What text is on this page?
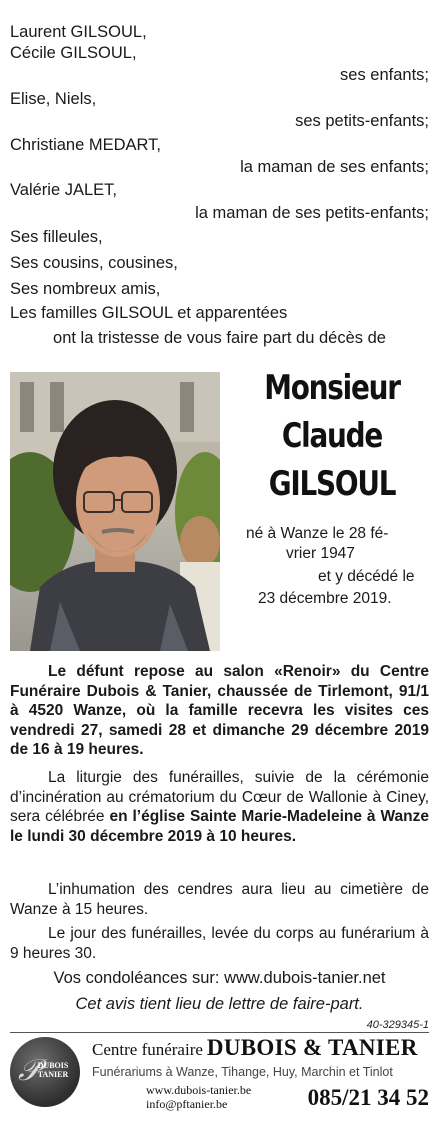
Laurent GILSOUL,
Cécile GILSOUL,
ses enfants;
Elise, Niels,
ses petits-enfants;
Christiane MEDART,
la maman de ses enfants;
Valérie JALET,
la maman de ses petits-enfants;
Ses filleules,
Ses cousins, cousines,
Ses nombreux amis,
Les familles GILSOUL et apparentées
ont la tristesse de vous faire part du décès de
Monsieur
Claude
GILSOUL
né à Wanze le 28 fé-
vrier 1947
et y décédé le
23 décembre 2019.
Le défunt repose au salon «Renoir» du Centre Funéraire Dubois & Tanier, chaussée de Tirlemont, 91/1 à 4520 Wanze, où la famille recevra les visites ces vendredi 27, samedi 28 et dimanche 29 décembre 2019 de 16 à 19 heures.
La liturgie des funérailles, suivie de la cérémonie d’incinération au crématorium du Cœur de Wallonie à Ciney, sera célébrée en l’église Sainte Marie-Madeleine à Wanze le lundi 30 décembre 2019 à 10 heures.
L’inhumation des cendres aura lieu au cimetière de Wanze à 15 heures.
Le jour des funérailles, levée du corps au funérarium à 9 heures 30.
Vos condoléances sur: www.dubois-tanier.net
Cet avis tient lieu de lettre de faire-part.
40-329345-1
𝒫
DUBOIS
TANIER
Centre funéraire DUBOIS & TANIER
Funérariums à Wanze, Tihange, Huy, Marchin et Tinlot
www.dubois-tanier.be
info@pftanier.be	085/21 34 52
